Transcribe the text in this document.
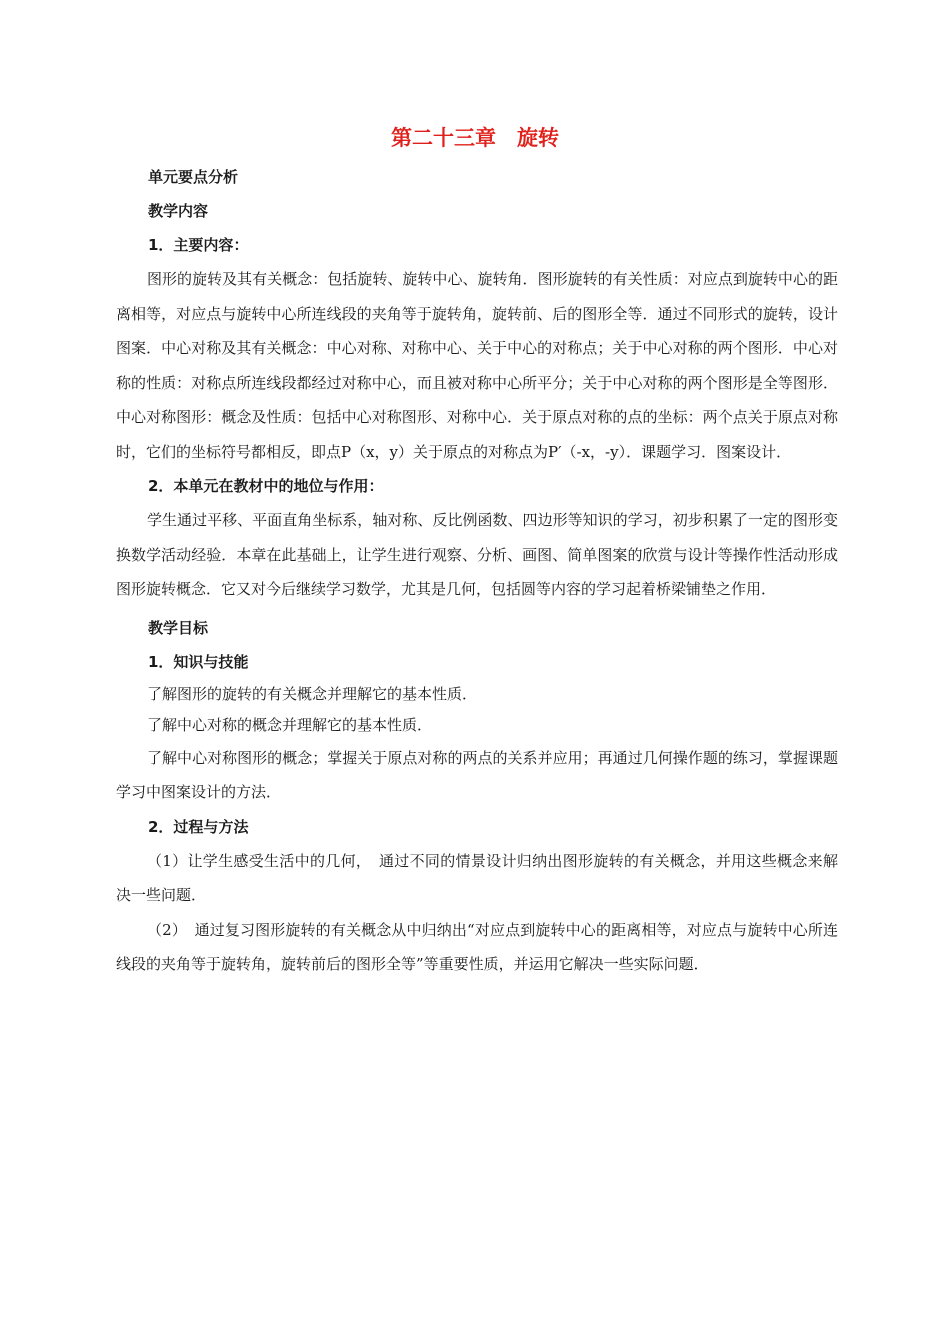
第二十三章　旋转

单元要点分析

教学内容

1．主要内容：

图形的旋转及其有关概念：包括旋转、旋转中心、旋转角．图形旋转的有关性质：对应点到旋转中心的距离相等，对应点与旋转中心所连线段的夹角等于旋转角，旋转前、后的图形全等．通过不同形式的旋转，设计图案．中心对称及其有关概念：中心对称、对称中心、关于中心的对称点；关于中心对称的两个图形．中心对称的性质：对称点所连线段都经过对称中心，而且被对称中心所平分；关于中心对称的两个图形是全等图形．中心对称图形：概念及性质：包括中心对称图形、对称中心．关于原点对称的点的坐标：两个点关于原点对称时，它们的坐标符号都相反，即点P（x，y）关于原点的对称点为P′（-x，-y）．课题学习．图案设计．

2．本单元在教材中的地位与作用：

学生通过平移、平面直角坐标系，轴对称、反比例函数、四边形等知识的学习，初步积累了一定的图形变换数学活动经验．本章在此基础上，让学生进行观察、分析、画图、简单图案的欣赏与设计等操作性活动形成图形旋转概念．它又对今后继续学习数学，尤其是几何，包括圆等内容的学习起着桥梁铺垫之作用．

教学目标

1．知识与技能

了解图形的旋转的有关概念并理解它的基本性质．

了解中心对称的概念并理解它的基本性质．

了解中心对称图形的概念；掌握关于原点对称的两点的关系并应用；再通过几何操作题的练习，掌握课题学习中图案设计的方法．

2．过程与方法

（1）让学生感受生活中的几何，　通过不同的情景设计归纳出图形旋转的有关概念，并用这些概念来解决一些问题．

（2）　通过复习图形旋转的有关概念从中归纳出“对应点到旋转中心的距离相等，对应点与旋转中心所连线段的夹角等于旋转角，旋转前后的图形全等”等重要性质，并运用它解决一些实际问题．
